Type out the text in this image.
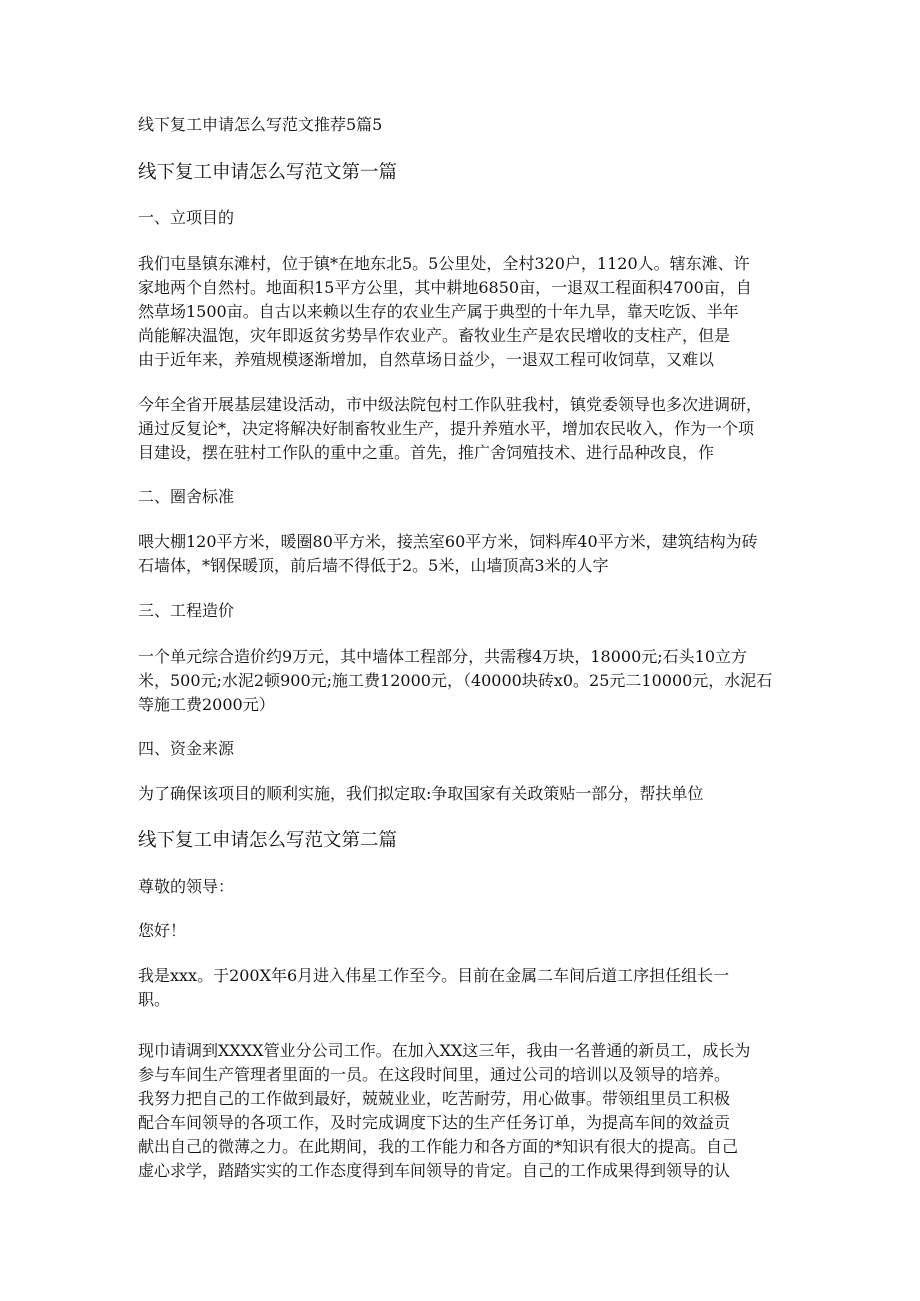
线下复工申请怎么写范文推荐5篇5
线下复工申请怎么写范文第一篇
一、立项目的
我们屯垦镇东滩村，位于镇*在地东北5。5公里处，全村320户，1120人。辖东滩、许
家地两个自然村。地面积15平方公里，其中耕地6850亩，一退双工程面积4700亩，自
然草场1500亩。自古以来赖以生存的农业生产属于典型的十年九旱，靠天吃饭、半年
尚能解决温饱，灾年即返贫劣势旱作农业产。畜牧业生产是农民增收的支柱产，但是
由于近年来，养殖规模逐渐增加，自然草场日益少，一退双工程可收饲草，又难以
今年全省开展基层建设活动，市中级法院包村工作队驻我村，镇党委领导也多次进调研，
通过反复论*，决定将解决好制畜牧业生产，提升养殖水平，增加农民收入，作为一个项
目建设，摆在驻村工作队的重中之重。首先，推广舍饲殖技术、进行品种改良，作
二、圈舍标准
喂大棚120平方米，暖圈80平方米，接羔室60平方米，饲料库40平方米，建筑结构为砖
石墙体，*钢保暖顶，前后墙不得低于2。5米，山墙顶高3米的人字
三、工程造价
一个单元综合造价约9万元，其中墙体工程部分，共需穆4万块，18000元;石头10立方
米，500元;水泥2顿900元;施工费12000元，（40000块砖x0。25元二10000元，水泥石
等施工费2000元）
四、资金来源
为了确保该项目的顺利实施，我们拟定取:争取国家有关政策贴一部分，帮扶单位
线下复工申请怎么写范文第二篇
尊敬的领导：
您好！
我是xxx。于200X年6月进入伟星工作至今。目前在金属二车间后道工序担任组长一
职。
现巾请调到XXXX管业分公司工作。在加入XX这三年，我由一名普通的新员工，成长为
参与车间生产管理者里面的一员。在这段时间里，通过公司的培训以及领导的培养。
我努力把自己的工作做到最好，兢兢业业，吃苦耐劳，用心做事。带领组里员工积极
配合车间领导的各项工作，及时完成调度下达的生产任务订单，为提高车间的效益贡
献出自己的微薄之力。在此期间，我的工作能力和各方面的*知识有很大的提高。自己
虚心求学，踏踏实实的工作态度得到车间领导的肯定。自己的工作成果得到领导的认
